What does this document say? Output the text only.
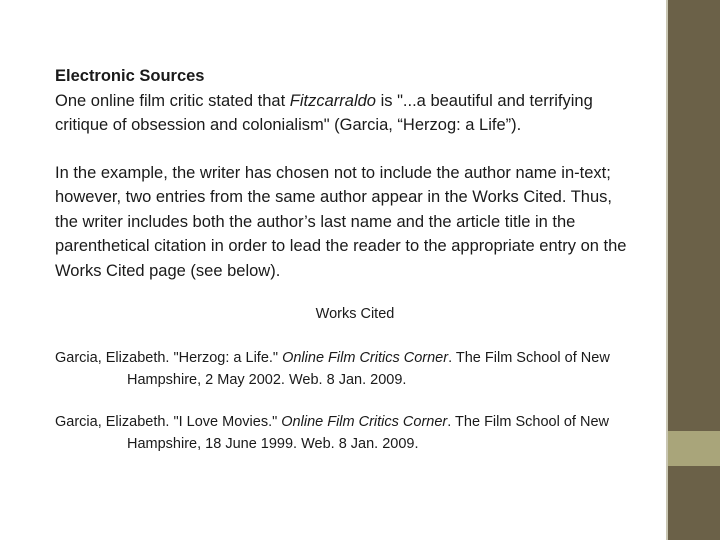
Electronic Sources
One online film critic stated that Fitzcarraldo is "...a beautiful and terrifying critique of obsession and colonialism" (Garcia, “Herzog: a Life”).

In the example, the writer has chosen not to include the author name in-text; however, two entries from the same author appear in the Works Cited. Thus, the writer includes both the author’s last name and the article title in the parenthetical citation in order to lead the reader to the appropriate entry on the Works Cited page (see below).

Works Cited
Garcia, Elizabeth. "Herzog: a Life." Online Film Critics Corner. The Film School of New Hampshire, 2 May 2002. Web. 8 Jan. 2009.
Garcia, Elizabeth. "I Love Movies." Online Film Critics Corner. The Film School of New Hampshire, 18 June 1999. Web. 8 Jan. 2009.
